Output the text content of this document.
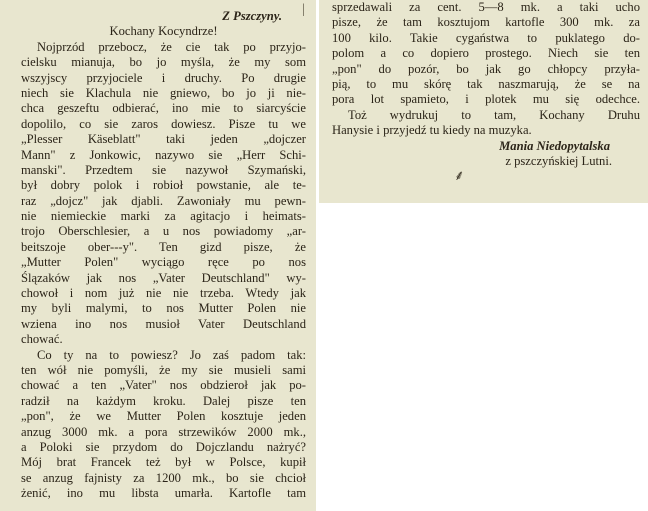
Z Pszczyny.
Kochany Kocyndrze!
Nojprzód przebocz, że cie tak po przyjo-
cielsku mianuja, bo jo myśla, że my som
wszyjscy przyjociele i druchy. Po drugie
niech sie Klachula nie gniewo, bo jo ji nie-
chca geszeftu odbierać, ino mie to siarcyście
dopolilo, co sie zaros dowiesz. Pisze tu we
„Plesser Käseblatt" taki jeden „dojczer
Mann" z Jonkowic, nazywo sie „Herr Schi-
manski". Przedtem sie nazywoł Szymański,
był dobry polok i robioł powstanie, ale te-
raz „dojcz" jak djabli. Zawoniały mu pewn-
nie niemieckie marki za agitacjo i heimats-
trojo Oberschlesier, a u nos powiadomy „ar-
beitszoje ober---y". Ten gizd pisze, że
„Mutter Polen" wyciągo ręce po nos
Ślązaków jak nos „Vater Deutschland" wy-
chowoł i nom już nie nie trzeba. Wtedy jak
my byli malymi, to nos Mutter Polen nie
wziena ino nos musioł Vater Deutschland
chować.
Co ty na to powiesz? Jo zaś padom tak:
ten wół nie pomyśli, że my sie musieli sami
chować a ten „Vater" nos obdzieroł jak po-
radził na każdym kroku. Dalej pisze ten
„pon", że we Mutter Polen kosztuje jeden
anzug 3000 mk. a pora strzewików 2000 mk.,
a Poloki sie przydom do Dojczlandu nażryć?
Mój brat Francek też był w Polsce, kupił
se anzug fajnisty za 1200 mk., bo sie chcioł
żenić, ino mu libsta umarła. Kartofle tam
| sprzedawali za cent. 5—8 mk. a taki ucho
pisze, że tam kosztujom kartofle 300 mk. za
100 kilo. Takie cygaństwa to puklatego do-
polom a co dopiero prostego. Niech sie ten
„pon" do pozór, bo jak go chłopcy przyła-
pią, to mu skórę tak naszmarują, że se na
pora lot spamieto, i plotek mu się odechce.
Toż wydrukuj to tam, Kochany Druhu
Hanysie i przyjedź tu kiedy na muzyka.
Mania Niedopytalska
z pszczyńskiej Lutni.
⸙
